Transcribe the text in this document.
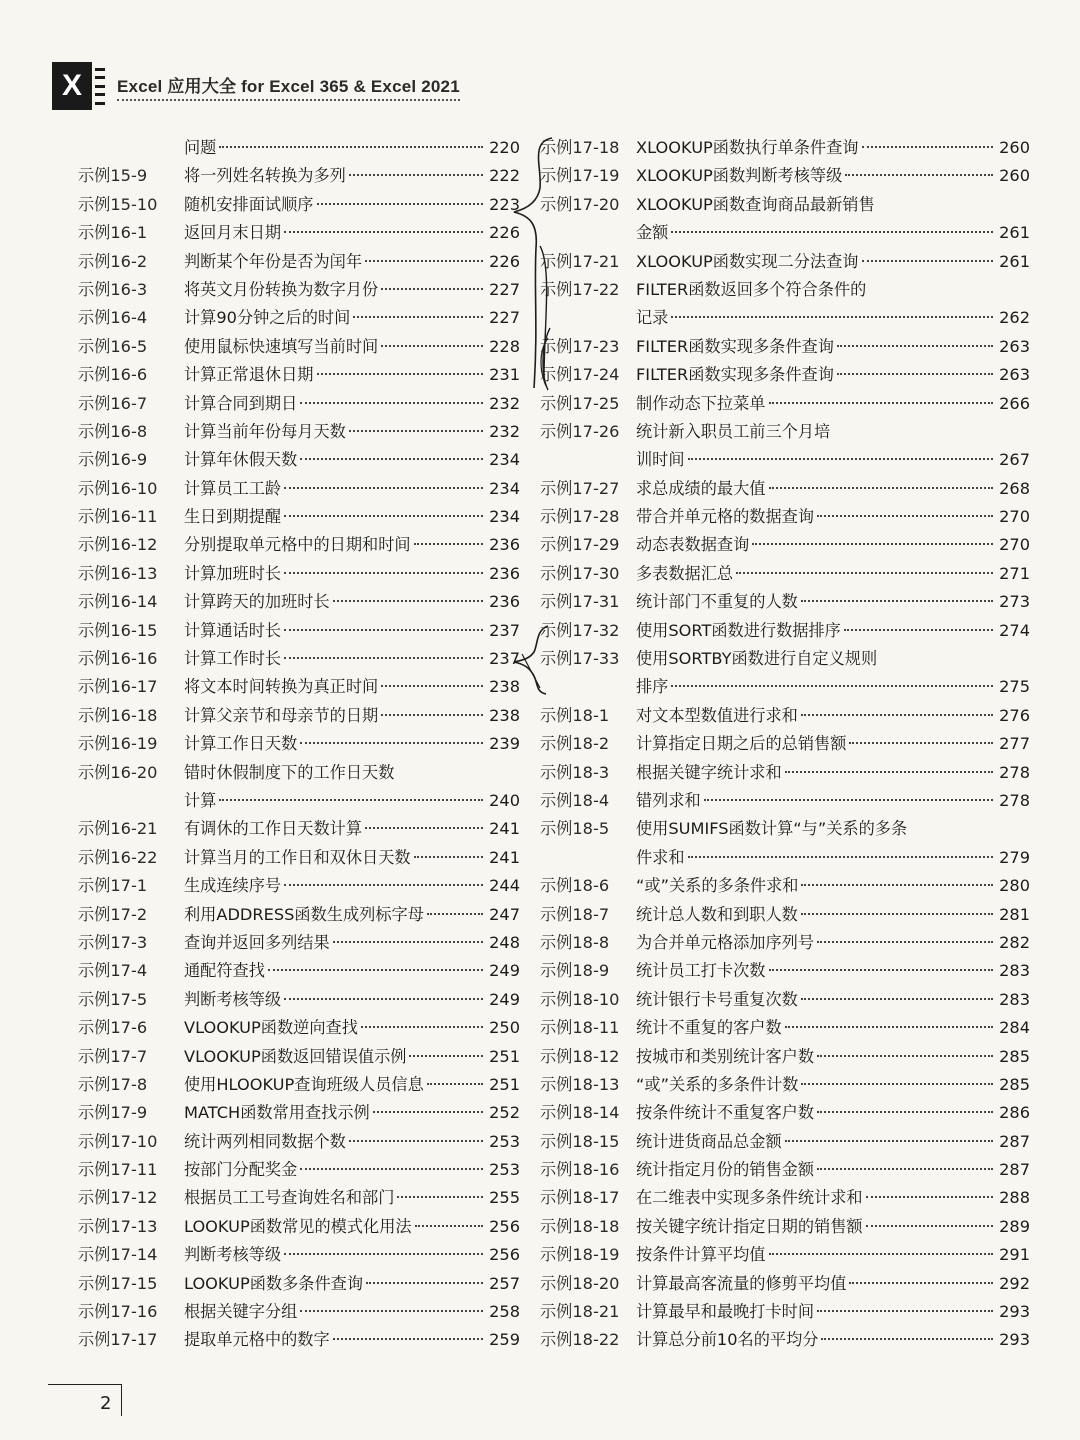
X Excel 应用大全 for Excel 365 & Excel 2021
问题	220
示例15-9	将一列姓名转换为多列	222
示例15-10	随机安排面试顺序	223
示例16-1	返回月末日期	226
示例16-2	判断某个年份是否为闰年	226
示例16-3	将英文月份转换为数字月份	227
示例16-4	计算90分钟之后的时间	227
示例16-5	使用鼠标快速填写当前时间	228
示例16-6	计算正常退休日期	231
示例16-7	计算合同到期日	232
示例16-8	计算当前年份每月天数	232
示例16-9	计算年休假天数	234
示例16-10	计算员工工龄	234
示例16-11	生日到期提醒	234
示例16-12	分别提取单元格中的日期和时间	236
示例16-13	计算加班时长	236
示例16-14	计算跨天的加班时长	236
示例16-15	计算通话时长	237
示例16-16	计算工作时长	237
示例16-17	将文本时间转换为真正时间	238
示例16-18	计算父亲节和母亲节的日期	238
示例16-19	计算工作日天数	239
示例16-20	错时休假制度下的工作日天数
计算	240
示例16-21	有调休的工作日天数计算	241
示例16-22	计算当月的工作日和双休日天数	241
示例17-1	生成连续序号	244
示例17-2	利用ADDRESS函数生成列标字母	247
示例17-3	查询并返回多列结果	248
示例17-4	通配符查找	249
示例17-5	判断考核等级	249
示例17-6	VLOOKUP函数逆向查找	250
示例17-7	VLOOKUP函数返回错误值示例	251
示例17-8	使用HLOOKUP查询班级人员信息	251
示例17-9	MATCH函数常用查找示例	252
示例17-10	统计两列相同数据个数	253
示例17-11	按部门分配奖金	253
示例17-12	根据员工工号查询姓名和部门	255
示例17-13	LOOKUP函数常见的模式化用法	256
示例17-14	判断考核等级	256
示例17-15	LOOKUP函数多条件查询	257
示例17-16	根据关键字分组	258
示例17-17	提取单元格中的数字	259
示例17-18	XLOOKUP函数执行单条件查询	260
示例17-19	XLOOKUP函数判断考核等级	260
示例17-20	XLOOKUP函数查询商品最新销售
金额	261
示例17-21	XLOOKUP函数实现二分法查询	261
示例17-22	FILTER函数返回多个符合条件的
记录	262
示例17-23	FILTER函数实现多条件查询	263
示例17-24	FILTER函数实现多条件查询	263
示例17-25	制作动态下拉菜单	266
示例17-26	统计新入职员工前三个月培
训时间	267
示例17-27	求总成绩的最大值	268
示例17-28	带合并单元格的数据查询	270
示例17-29	动态表数据查询	270
示例17-30	多表数据汇总	271
示例17-31	统计部门不重复的人数	273
示例17-32	使用SORT函数进行数据排序	274
示例17-33	使用SORTBY函数进行自定义规则
排序	275
示例18-1	对文本型数值进行求和	276
示例18-2	计算指定日期之后的总销售额	277
示例18-3	根据关键字统计求和	278
示例18-4	错列求和	278
示例18-5	使用SUMIFS函数计算“与”关系的多条
件求和	279
示例18-6	“或”关系的多条件求和	280
示例18-7	统计总人数和到职人数	281
示例18-8	为合并单元格添加序列号	282
示例18-9	统计员工打卡次数	283
示例18-10	统计银行卡号重复次数	283
示例18-11	统计不重复的客户数	284
示例18-12	按城市和类别统计客户数	285
示例18-13	“或”关系的多条件计数	285
示例18-14	按条件统计不重复客户数	286
示例18-15	统计进货商品总金额	287
示例18-16	统计指定月份的销售金额	287
示例18-17	在二维表中实现多条件统计求和	288
示例18-18	按关键字统计指定日期的销售额	289
示例18-19	按条件计算平均值	291
示例18-20	计算最高客流量的修剪平均值	292
示例18-21	计算最早和最晚打卡时间	293
示例18-22	计算总分前10名的平均分	293
2
